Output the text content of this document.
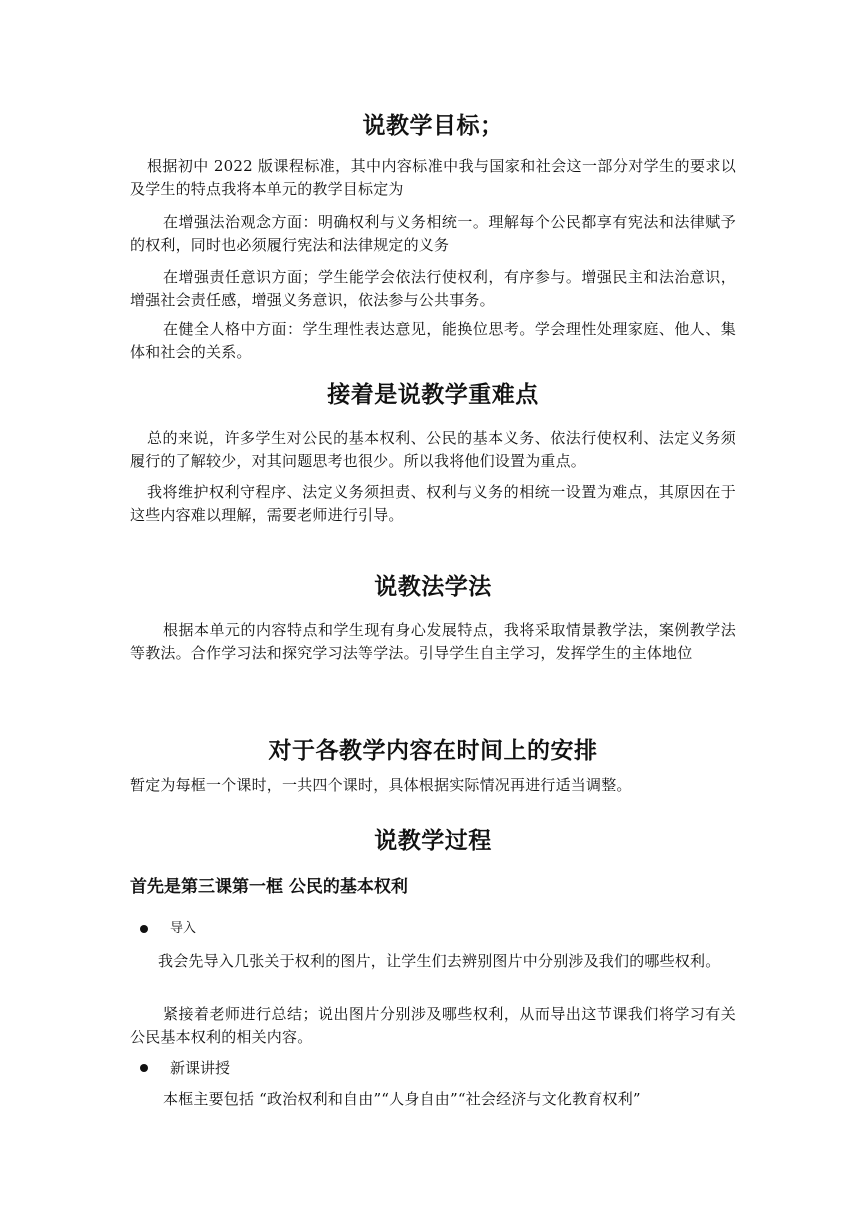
说教学目标；
根据初中 2022 版课程标准，其中内容标准中我与国家和社会这一部分对学生的要求以及学生的特点我将本单元的教学目标定为
在增强法治观念方面：明确权利与义务相统一。理解每个公民都享有宪法和法律赋予的权利，同时也必须履行宪法和法律规定的义务
在增强责任意识方面；学生能学会依法行使权利，有序参与。增强民主和法治意识，增强社会责任感，增强义务意识，依法参与公共事务。
在健全人格中方面：学生理性表达意见，能换位思考。学会理性处理家庭、他人、集体和社会的关系。
接着是说教学重难点
总的来说，许多学生对公民的基本权利、公民的基本义务、依法行使权利、法定义务须履行的了解较少，对其问题思考也很少。所以我将他们设置为重点。
我将维护权利守程序、法定义务须担责、权利与义务的相统一设置为难点，其原因在于这些内容难以理解，需要老师进行引导。
说教法学法
根据本单元的内容特点和学生现有身心发展特点，我将采取情景教学法，案例教学法等教法。合作学习法和探究学习法等学法。引导学生自主学习，发挥学生的主体地位
对于各教学内容在时间上的安排
暂定为每框一个课时，一共四个课时，具体根据实际情况再进行适当调整。
说教学过程
首先是第三课第一框 公民的基本权利
导入
我会先导入几张关于权利的图片，让学生们去辨别图片中分别涉及我们的哪些权利。
紧接着老师进行总结；说出图片分别涉及哪些权利，从而导出这节课我们将学习有关公民基本权利的相关内容。
新课讲授
本框主要包括 “政治权利和自由”“人身自由”“社会经济与文化教育权利”
